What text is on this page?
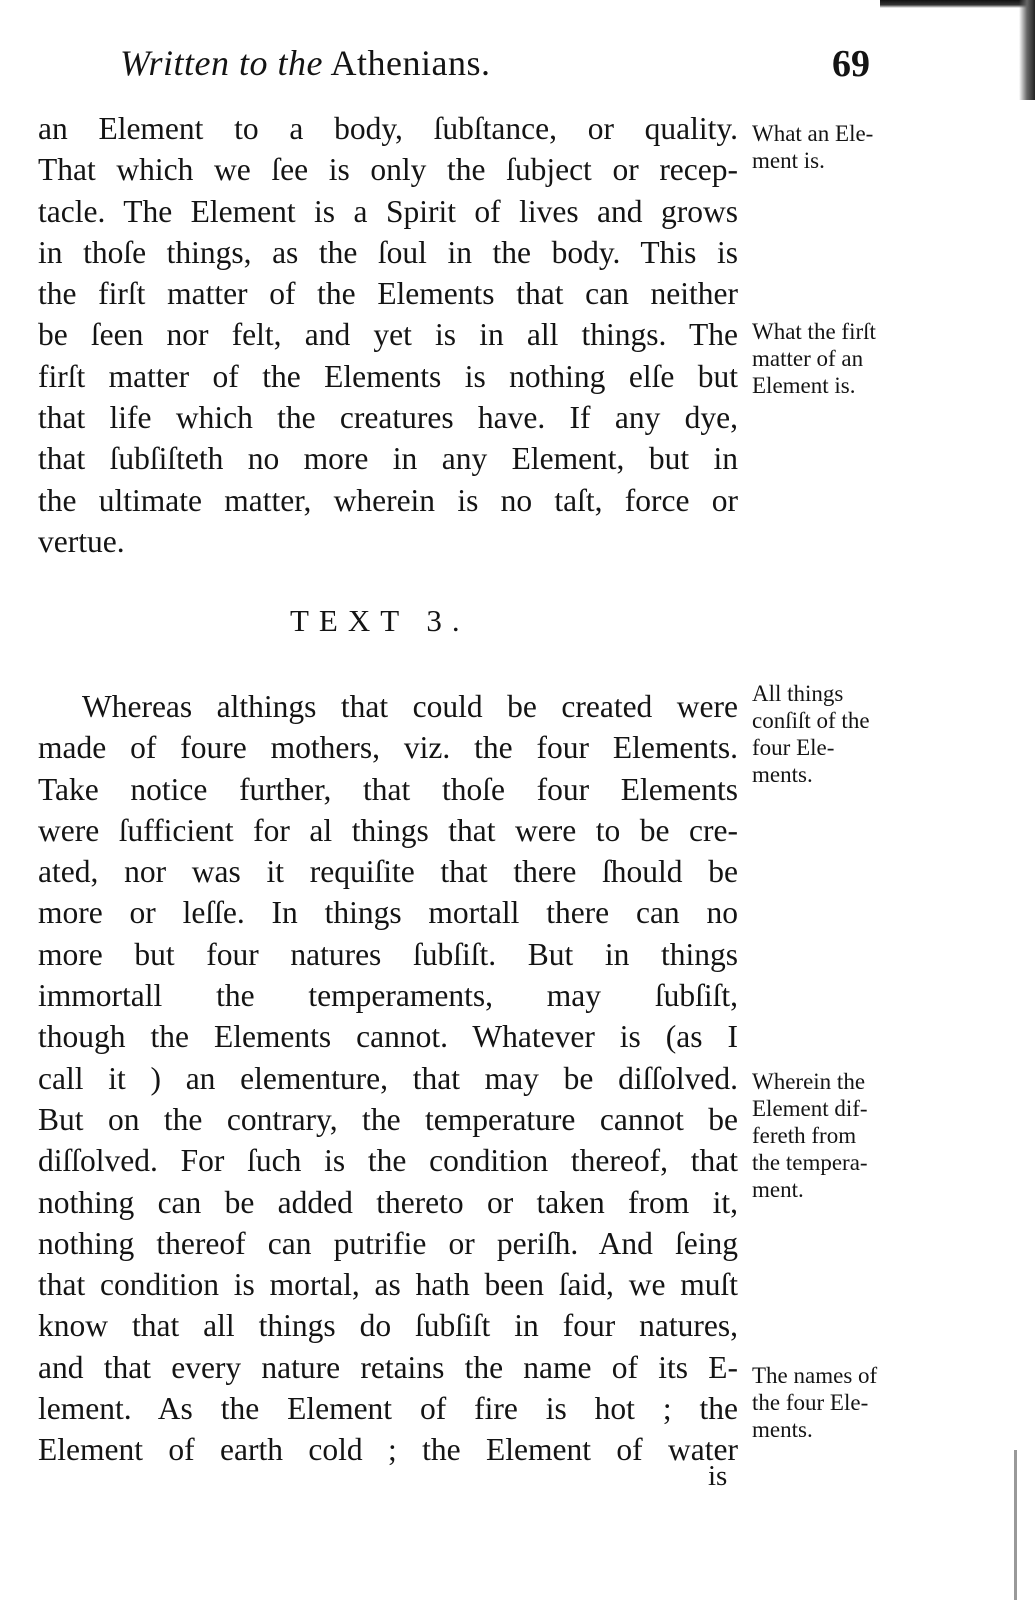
Written to the Athenians.	69
an Element to a body, ſubſtance, or quality.
That which we ſee is only the ſubject or recep-
tacle. The Element is a Spirit of lives and grows
in thoſe things, as the ſoul in the body. This is
the firſt matter of the Elements that can neither
be ſeen nor felt, and yet is in all things. The
firſt matter of the Elements is nothing elſe but
that life which the creatures have. If any dye,
that ſubſiſteth no more in any Element, but in
the ultimate matter, wherein is no taſt, force or
vertue.
TEXT 3.
Whereas althings that could be created were
made of foure mothers, viz. the four Elements.
Take notice further, that thoſe four Elements
were ſufficient for al things that were to be cre-
ated, nor was it requiſite that there ſhould be
more or leſſe. In things mortall there can no
more but four natures ſubſiſt. But in things
immortall the temperaments, may ſubſiſt,
though the Elements cannot. Whatever is (as I
call it ) an elementure, that may be diſſolved.
But on the contrary, the temperature cannot be
diſſolved. For ſuch is the condition thereof, that
nothing can be added thereto or taken from it,
nothing thereof can putrifie or periſh. And ſeing
that condition is mortal, as hath been ſaid, we muſt
know that all things do ſubſiſt in four natures,
and that every nature retains the name of its E-
lement. As the Element of fire is hot ; the
Element of earth cold ; the Element of water
What an Ele-
ment is.
What the firſt
matter of an
Element is.
All things
conſiſt of the
four Ele-
ments.
Wherein the
Element dif-
fereth from
the tempera-
ment.
The names of
the four Ele-
ments.
is
